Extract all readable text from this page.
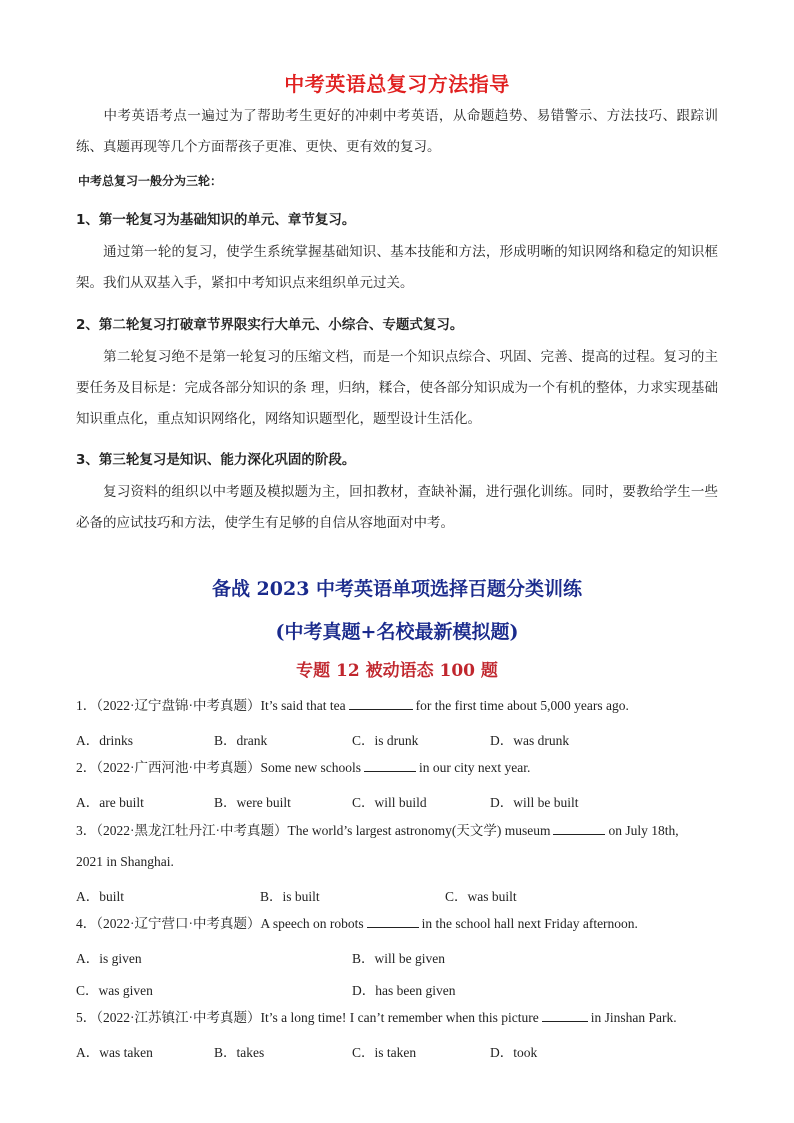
中考英语总复习方法指导
中考英语考点一遍过为了帮助考生更好的冲刺中考英语，从命题趋势、易错警示、方法技巧、跟踪训练、真题再现等几个方面帮孩子更准、更快、更有效的复习。
中考总复习一般分为三轮：
1、第一轮复习为基础知识的单元、章节复习。
通过第一轮的复习，使学生系统掌握基础知识、基本技能和方法，形成明晰的知识网络和稳定的知识框架。我们从双基入手，紧扣中考知识点来组织单元过关。
2、第二轮复习打破章节界限实行大单元、小综合、专题式复习。
第二轮复习绝不是第一轮复习的压缩文档，而是一个知识点综合、巩固、完善、提高的过程。复习的主要任务及目标是：完成各部分知识的条 理，归纳，糅合，使各部分知识成为一个有机的整体，力求实现基础知识重点化，重点知识网络化，网络知识题型化，题型设计生活化。
3、第三轮复习是知识、能力深化巩固的阶段。
复习资料的组织以中考题及模拟题为主，回扣教材，查缺补漏，进行强化训练。同时，要教给学生一些必备的应试技巧和方法，使学生有足够的自信从容地面对中考。
备战 2023 中考英语单项选择百题分类训练
(中考真题+名校最新模拟题)
专题 12 被动语态 100 题
1．（2022·辽宁盘锦·中考真题）It’s said that tea	for the first time about 5,000 years ago.
A．drinks	B．drank	C．is drunk	D．was drunk
2．（2022·广西河池·中考真题）Some new schools	in our city next year.
A．are built	B．were built	C．will build	D．will be built
3．（2022·黑龙江牡丹江·中考真题）The world’s largest astronomy(天文学) museum	on July 18th,
2021 in Shanghai.
A．built	B．is built	C．was built
4．（2022·辽宁营口·中考真题）A speech on robots	in the school hall next Friday afternoon.
A．is given	B．will be given
C．was given	D．has been given
5．（2022·江苏镇江·中考真题）It’s a long time! I can’t remember when this picture	in Jinshan Park.
A．was taken	B．takes	C．is taken	D．took
